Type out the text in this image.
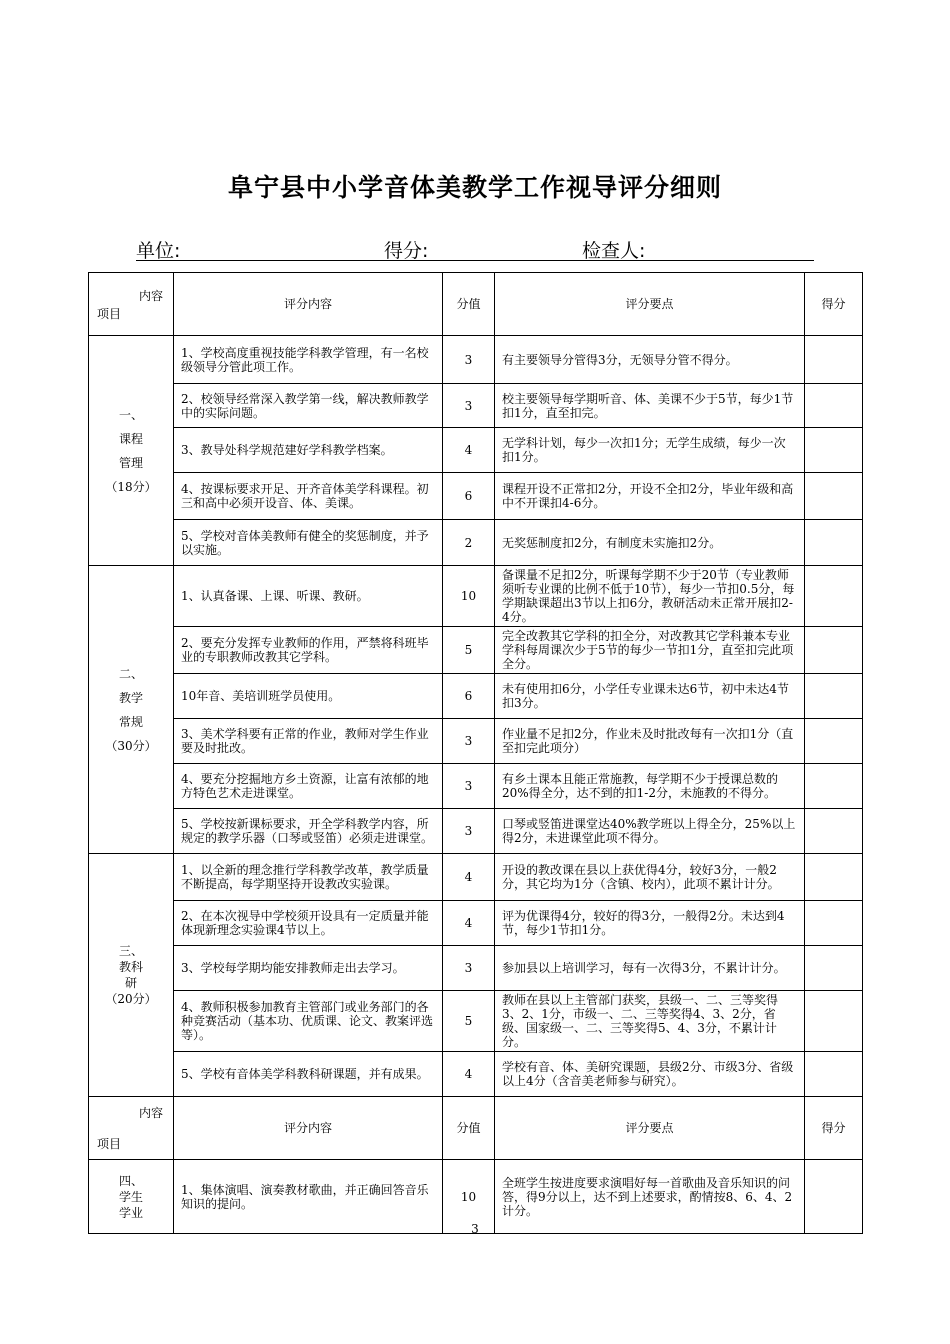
阜宁县中小学音体美教学工作视导评分细则
单位:	得分:	检查人:
内容
项目	评分内容	分值	评分要点	得分

一、
课程
管理
（18分）	1、学校高度重视技能学科教学管理，有一名校级领导分管此项工作。	3	有主要领导分管得3分，无领导分管不得分。	
	2、校领导经常深入教学第一线，解决教师教学中的实际问题。	3	校主要领导每学期听音、体、美课不少于5节，每少1节扣1分，直至扣完。	
	3、教导处科学规范建好学科教学档案。	4	无学科计划，每少一次扣1分；无学生成绩，每少一次扣1分。	
	4、按课标要求开足、开齐音体美学科课程。初三和高中必须开设音、体、美课。	6	课程开设不正常扣2分，开设不全扣2分，毕业年级和高中不开课扣4-6分。	
	5、学校对音体美教师有健全的奖惩制度，并予以实施。	2	无奖惩制度扣2分，有制度未实施扣2分。	

二、
教学
常规
（30分）	1、认真备课、上课、听课、教研。	10	备课量不足扣2分，听课每学期不少于20节（专业教师须听专业课的比例不低于10节），每少一节扣0.5分，每学期缺课超出3节以上扣6分，教研活动未正常开展扣2-4分。	
	2、要充分发挥专业教师的作用，严禁将科班毕业的专职教师改教其它学科。	5	完全改教其它学科的扣全分，对改教其它学科兼本专业学科每周课次少于5节的每少一节扣1分，直至扣完此项全分。	
	10年音、美培训班学员使用。	6	未有使用扣6分，小学任专业课未达6节，初中未达4节扣3分。	
	3、美术学科要有正常的作业，教师对学生作业要及时批改。	3	作业量不足扣2分，作业未及时批改每有一次扣1分（直至扣完此项分）	
	4、要充分挖掘地方乡土资源，让富有浓郁的地方特色艺术走进课堂。	3	有乡土课本且能正常施教，每学期不少于授课总数的20%得全分，达不到的扣1-2分，未施教的不得分。	
	5、学校按新课标要求，开全学科教学内容，所规定的教学乐器（口琴或竖笛）必须走进课堂。	3	口琴或竖笛进课堂达40%教学班以上得全分，25%以上得2分，未进课堂此项不得分。	

三、
教科
研
（20分）	1、以全新的理念推行学科教学改革，教学质量不断提高，每学期坚持开设教改实验课。	4	开设的教改课在县以上获优得4分，较好3分，一般2分，其它均为1分（含镇、校内），此项不累计计分。	
	2、在本次视导中学校须开设具有一定质量并能体现新理念实验课4节以上。	4	评为优课得4分，较好的得3分，一般得2分。未达到4节，每少1节扣1分。	
	3、学校每学期均能安排教师走出去学习。	3	参加县以上培训学习，每有一次得3分，不累计计分。	
	4、教师积极参加教育主管部门或业务部门的各种竞赛活动（基本功、优质课、论文、教案评选等）。	5	教师在县以上主管部门获奖，县级一、二、三等奖得3、2、1分，市级一、二、三等奖得4、3、2分，省级、国家级一、二、三等奖得5、4、3分，不累计计分。	
	5、学校有音体美学科教科研课题，并有成果。	4	学校有音、体、美研究课题，县级2分、市级3分、省级以上4分（含音美老师参与研究）。	

内容
项目	评分内容	分值	评分要点	得分

四、
学生
学业	1、集体演唱、演奏教材歌曲，并正确回答音乐知识的提问。	10	全班学生按进度要求演唱好每一首歌曲及音乐知识的问答，得9分以上，达不到上述要求，酌情按8、6、4、2计分。	
3
